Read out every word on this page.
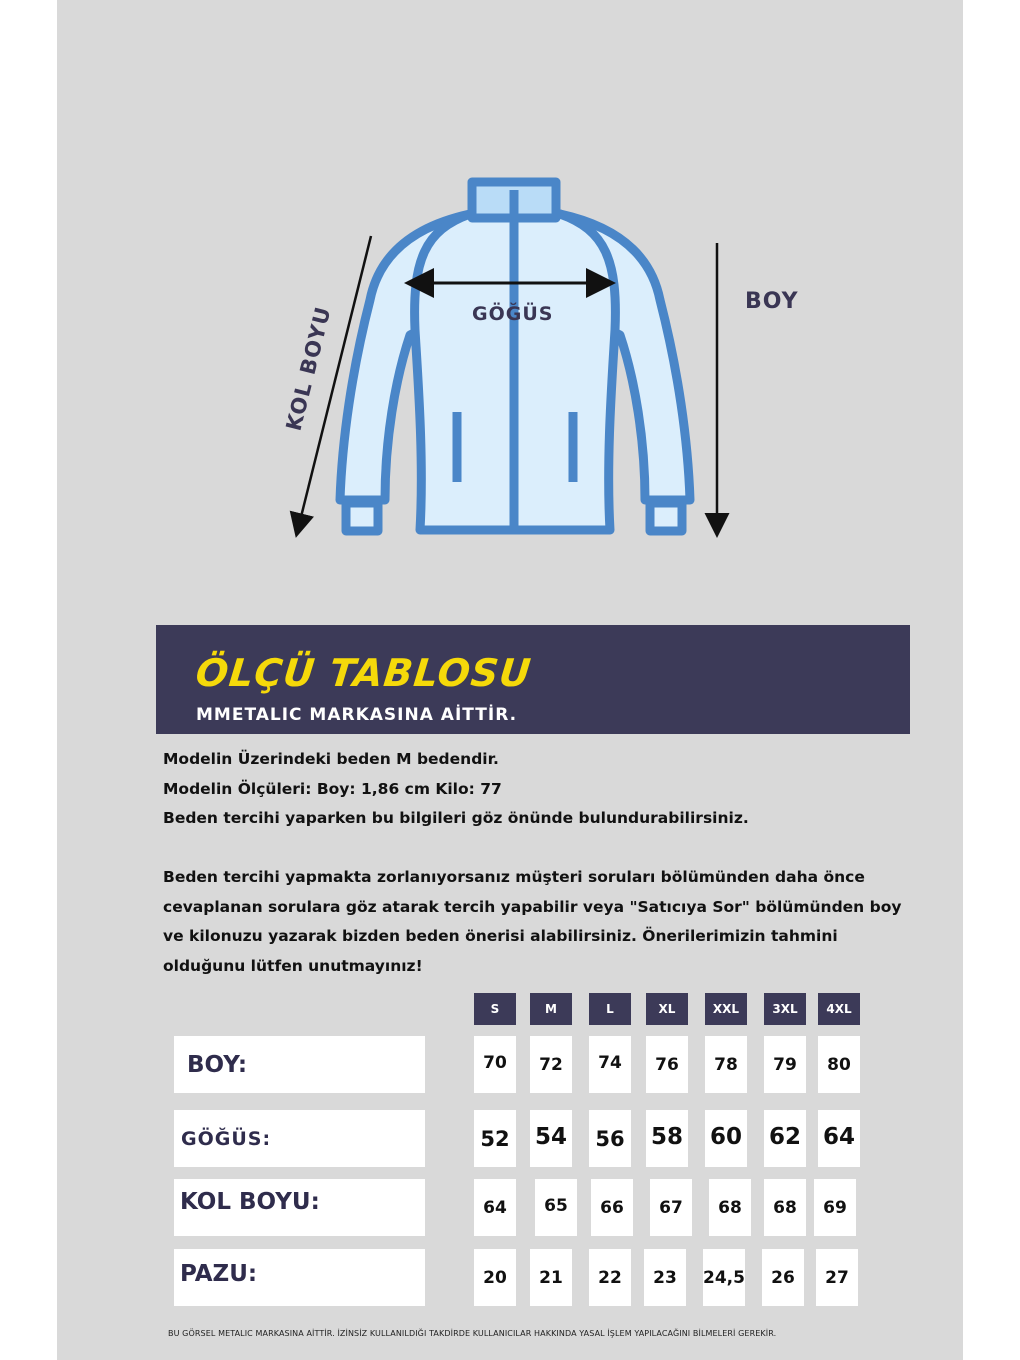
GÖĞÜS	BOY
KOL BOYU
ÖLÇÜ TABLOSU
MMETALIC MARKASINA AİTTİR.
Modelin Üzerindeki beden M bedendir.
Modelin Ölçüleri: Boy: 1,86 cm Kilo: 77
Beden tercihi yaparken bu bilgileri göz önünde bulundurabilirsiniz.
Beden tercihi yapmakta zorlanıyorsanız müşteri soruları bölümünden daha önce
cevaplanan sorulara göz atarak tercih yapabilir veya "Satıcıya Sor" bölümünden boy
ve kilonuzu yazarak bizden beden önerisi alabilirsiniz. Önerilerimizin tahmini
olduğunu lütfen unutmayınız!
S	M	L	XL	XXL	3XL	4XL
BOY:	70	72	74	76	78	79	80
GÖĞÜS:	52 54	56 58 60 62 64
KOL BOYU:	64	65	66	67	68	68	69
PAZU:	20	21	22	23	24,5	26	27
BU GÖRSEL METALIC MARKASINA AİTTİR. İZİNSİZ KULLANILDIĞI TAKDİRDE KULLANICILAR HAKKINDA YASAL İŞLEM YAPILACAĞINI BİLMELERİ GEREKİR.
